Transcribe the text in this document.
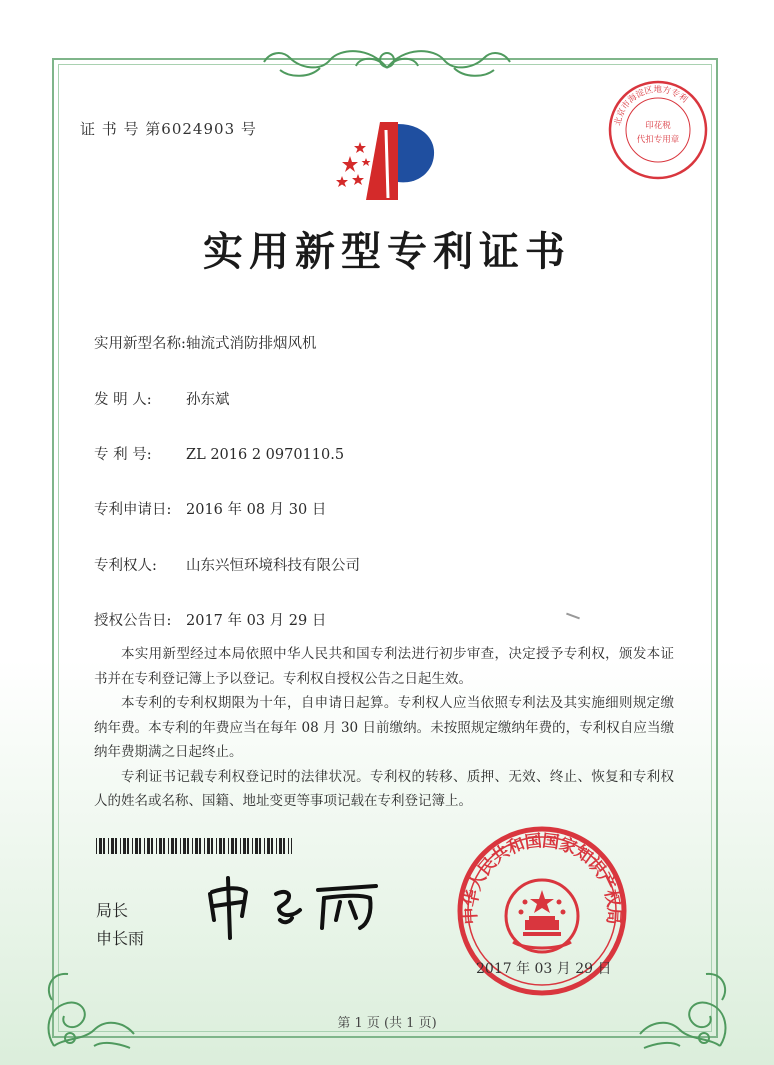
证 书 号 第6024903 号	北京市海淀区地方专利
印花税
代扣专用章
实用新型专利证书
实用新型名称:轴流式消防排烟风机
发 明 人: 孙东斌
专 利 号: ZL 2016 2 0970110.5
专利申请日: 2016 年 08 月 30 日
专利权人: 山东兴恒环境科技有限公司
授权公告日: 2017 年 03 月 29 日

本实用新型经过本局依照中华人民共和国专利法进行初步审查，决定授予专利权，颁发本证书并在专利登记簿上予以登记。专利权自授权公告之日起生效。

本专利的专利权期限为十年，自申请日起算。专利权人应当依照专利法及其实施细则规定缴纳年费。本专利的年费应当在每年 08 月 30 日前缴纳。未按照规定缴纳年费的，专利权自应当缴纳年费期满之日起终止。

专利证书记载专利权登记时的法律状况。专利权的转移、质押、无效、终止、恢复和专利权人的姓名或名称、国籍、地址变更等事项记载在专利登记簿上。

局长
申长雨
中华人民共和国国家知识产权局
2017 年 03 月 29 日
第 1 页 (共 1 页)
